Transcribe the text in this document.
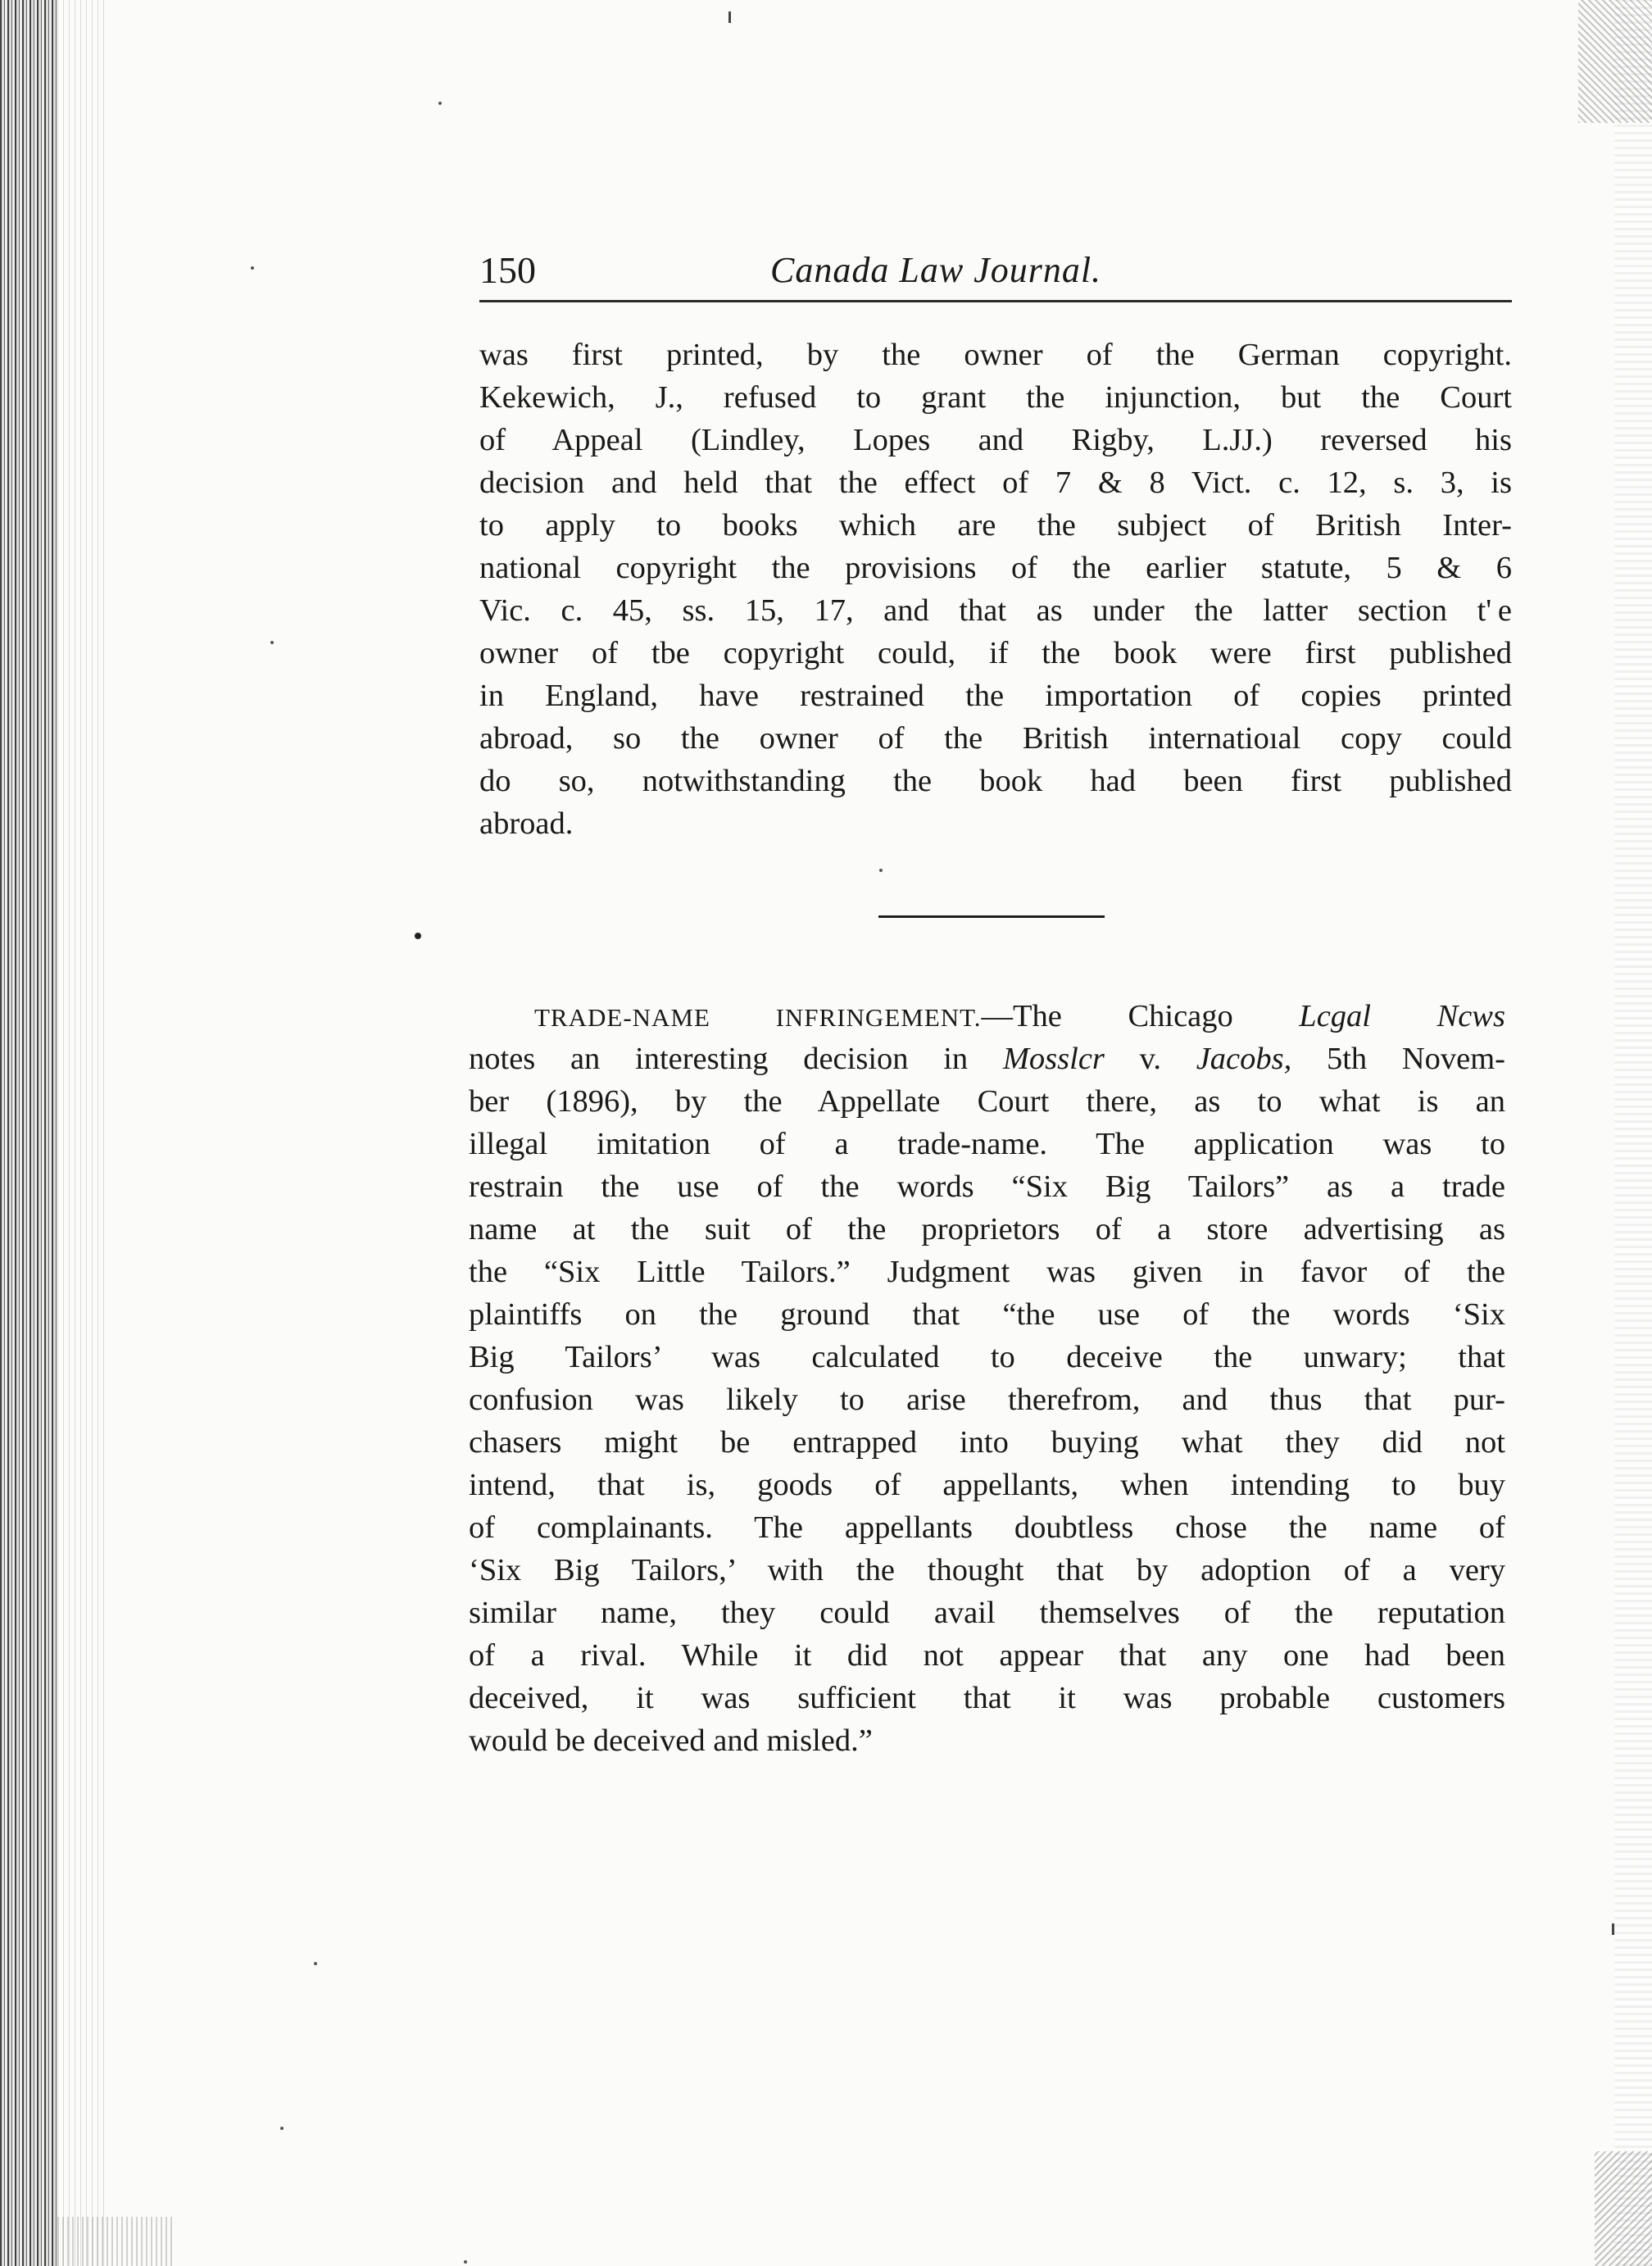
150	Canada Law Journal.
was first printed, by the owner of the German copyright.
Kekewich, J., refused to grant the injunction, but the Court
of Appeal (Lindley, Lopes and Rigby, L.JJ.) reversed his
decision and held that the effect of 7 & 8 Vict. c. 12, s. 3, is
to apply to books which are the subject of British Inter-
national copyright the provisions of the earlier statute, 5 & 6
Vic. c. 45, ss. 15, 17, and that as under the latter section t' e
owner of tbe copyright could, if the book were first published
in England, have restrained the importation of copies printed
abroad, so the owner of the British internatioıal copy could
do so, notwithstanding the book had been first published
abroad.
TRADE-NAME INFRINGEMENT.—The Chicago Lcgal Ncws
notes an interesting decision in Mosslcr v. Jacobs, 5th Novem-
ber (1896), by the Appellate Court there, as to what is an
illegal imitation of a trade-name. The application was to
restrain the use of the words “Six Big Tailors” as a trade
name at the suit of the proprietors of a store advertising as
the “Six Little Tailors.” Judgment was given in favor of the
plaintiffs on the ground that “the use of the words ‘Six
Big Tailors’ was calculated to deceive the unwary; that
confusion was likely to arise therefrom, and thus that pur-
chasers might be entrapped into buying what they did not
intend, that is, goods of appellants, when intending to buy
of complainants. The appellants doubtless chose the name of
‘Six Big Tailors,’ with the thought that by adoption of a very
similar name, they could avail themselves of the reputation
of a rival. While it did not appear that any one had been
deceived, it was sufficient that it was probable customers
would be deceived and misled.”
